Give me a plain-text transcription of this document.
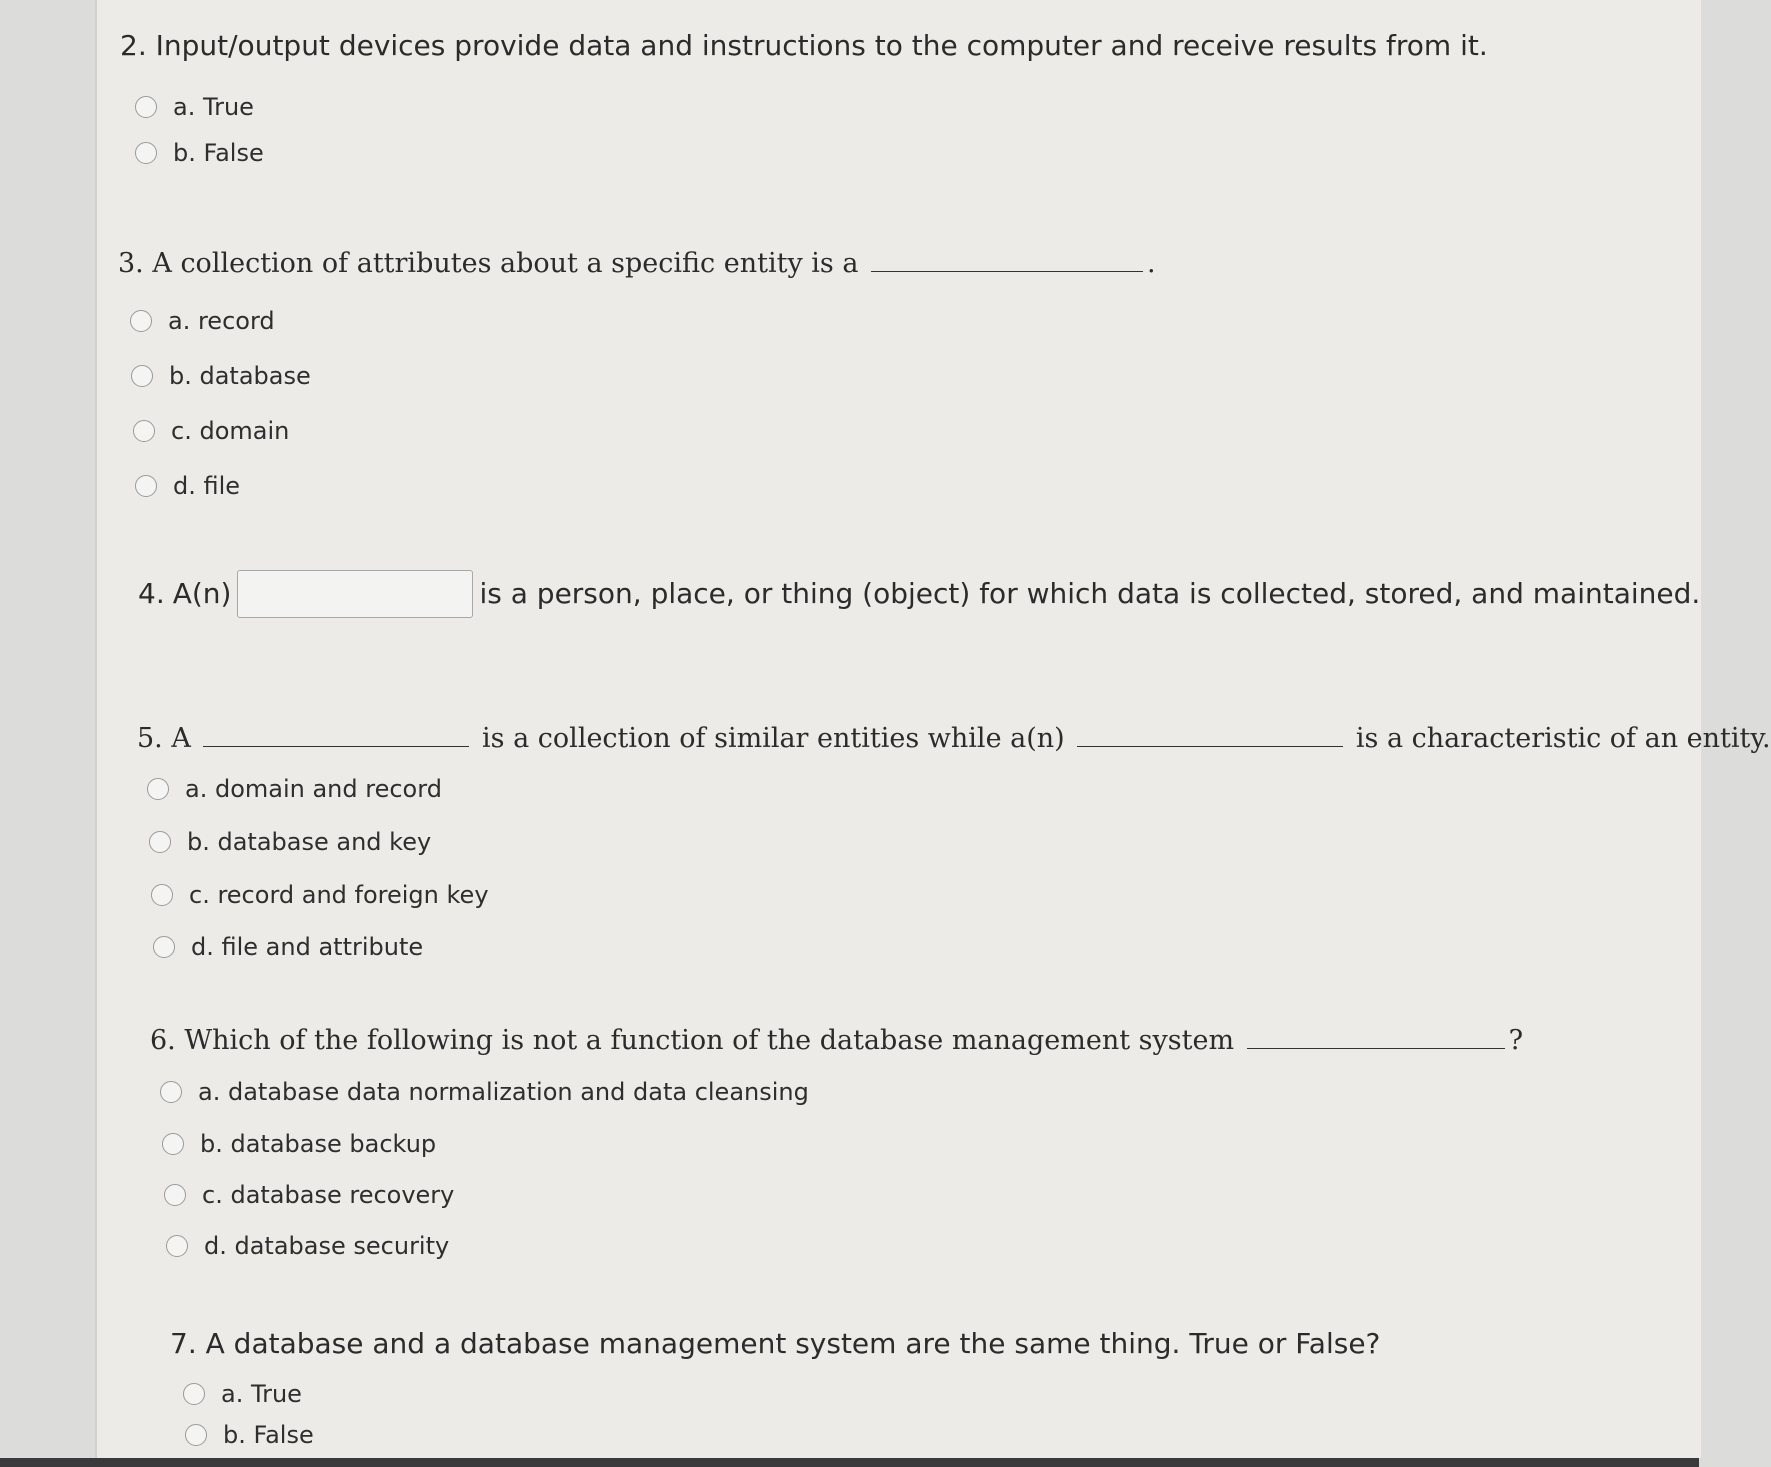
2. Input/output devices provide data and instructions to the computer and receive results from it.
a. True
b. False
3. A collection of attributes about a specific entity is a	.
a. record
b. database
c. domain
d. file
4. A(n)	is a person, place, or thing (object) for which data is collected, stored, and maintained.
5. A	is a collection of similar entities while a(n)	is a characteristic of an entity.
a. domain and record
b. database and key
c. record and foreign key
d. file and attribute
6. Which of the following is not a function of the database management system	?
a. database data normalization and data cleansing
b. database backup
c. database recovery
d. database security
7. A database and a database management system are the same thing. True or False?
a. True
b. False
